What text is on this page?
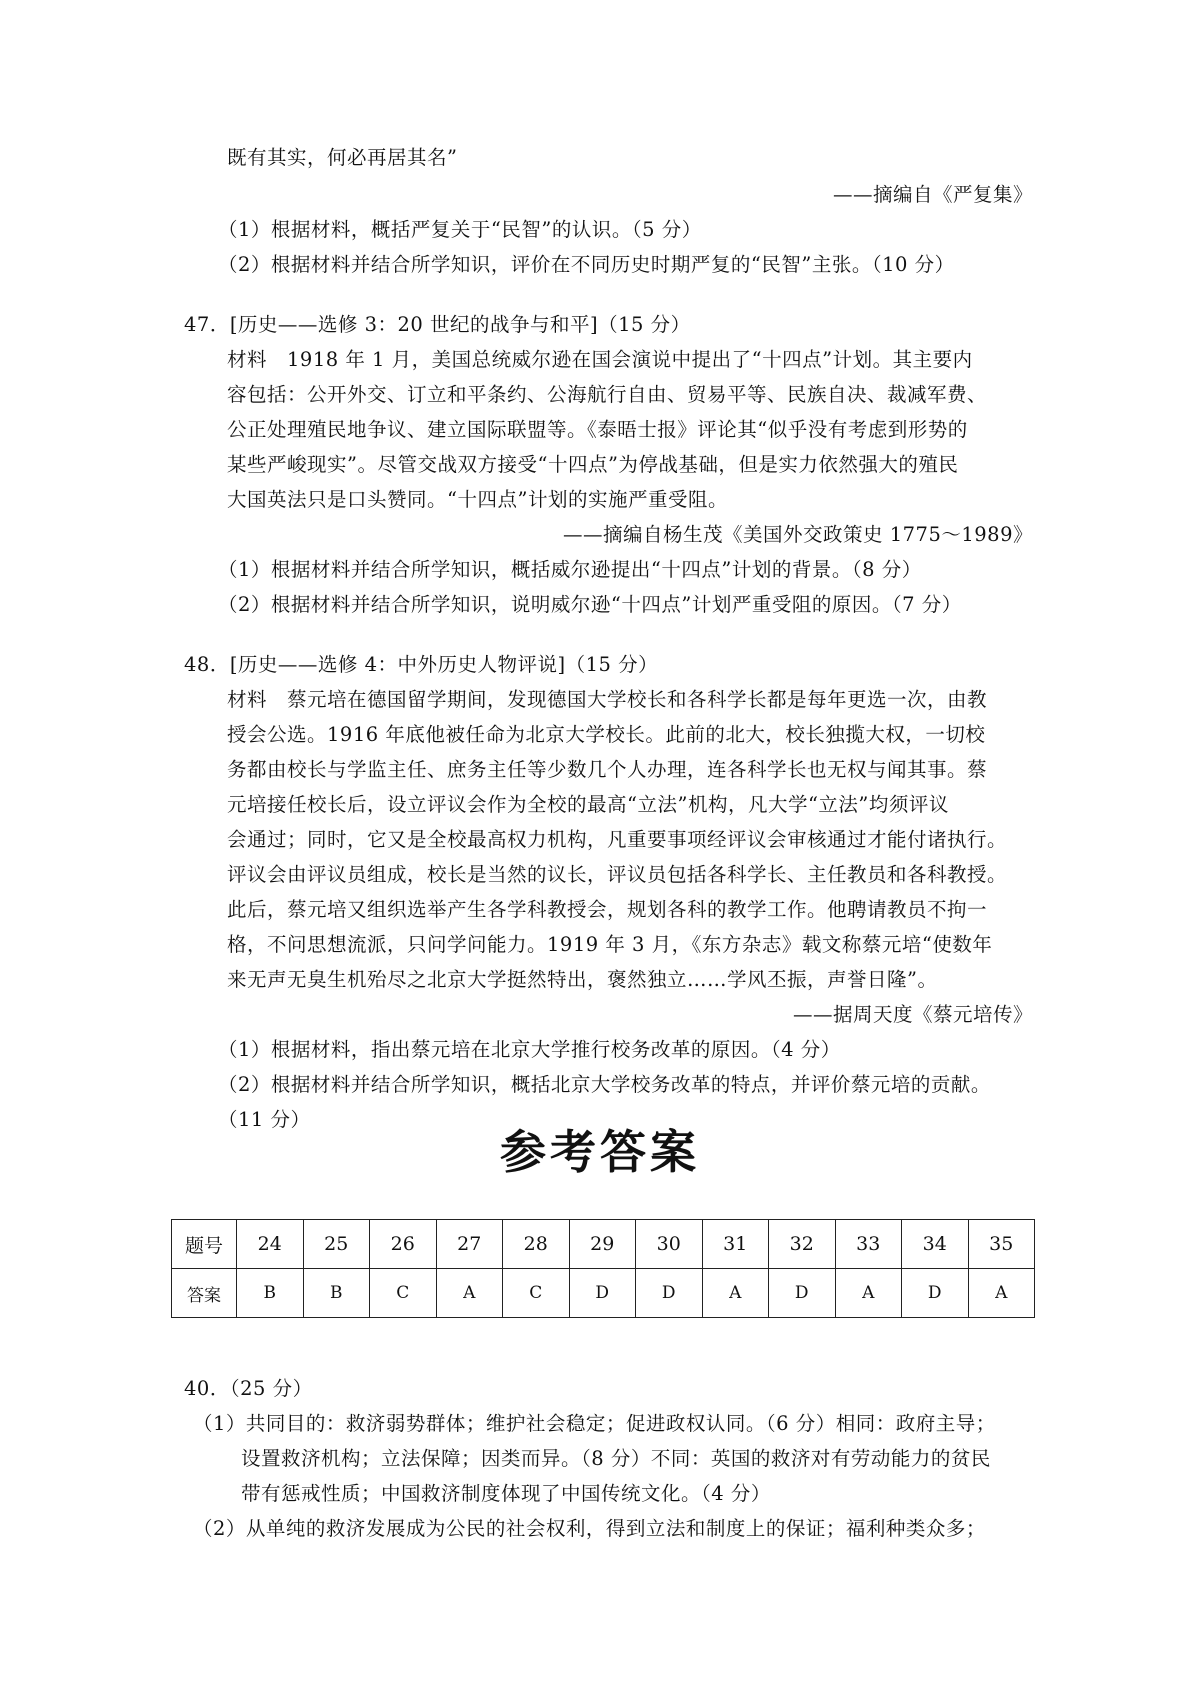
既有其实，何必再居其名”
——摘编自《严复集》
（1）根据材料，概括严复关于“民智”的认识。（5 分）
（2）根据材料并结合所学知识，评价在不同历史时期严复的“民智”主张。（10 分）
47．[历史——选修 3：20 世纪的战争与和平]（15 分）
材料　1918 年 1 月，美国总统威尔逊在国会演说中提出了“十四点”计划。其主要内
容包括：公开外交、订立和平条约、公海航行自由、贸易平等、民族自决、裁减军费、
公正处理殖民地争议、建立国际联盟等。《泰晤士报》评论其“似乎没有考虑到形势的
某些严峻现实”。尽管交战双方接受“十四点”为停战基础，但是实力依然强大的殖民
大国英法只是口头赞同。“十四点”计划的实施严重受阻。
——摘编自杨生茂《美国外交政策史 1775～1989》
（1）根据材料并结合所学知识，概括威尔逊提出“十四点”计划的背景。（8 分）
（2）根据材料并结合所学知识，说明威尔逊“十四点”计划严重受阻的原因。（7 分）
48．[历史——选修 4：中外历史人物评说]（15 分）
材料　蔡元培在德国留学期间，发现德国大学校长和各科学长都是每年更选一次，由教
授会公选。1916 年底他被任命为北京大学校长。此前的北大，校长独揽大权，一切校
务都由校长与学监主任、庶务主任等少数几个人办理，连各科学长也无权与闻其事。蔡
元培接任校长后，设立评议会作为全校的最高“立法”机构，凡大学“立法”均须评议
会通过；同时，它又是全校最高权力机构，凡重要事项经评议会审核通过才能付诸执行。
评议会由评议员组成，校长是当然的议长，评议员包括各科学长、主任教员和各科教授。
此后，蔡元培又组织选举产生各学科教授会，规划各科的教学工作。他聘请教员不拘一
格，不问思想流派，只问学问能力。1919 年 3 月，《东方杂志》载文称蔡元培“使数年
来无声无臭生机殆尽之北京大学挺然特出，褒然独立……学风丕振，声誉日隆”。
——据周天度《蔡元培传》
（1）根据材料，指出蔡元培在北京大学推行校务改革的原因。（4 分）
（2）根据材料并结合所学知识，概括北京大学校务改革的特点，并评价蔡元培的贡献。
（11 分）
参考答案
题号	24	25	26	27	28	29	30	31	32	33	34	35
答案	B	B	C	A	C	D	D	A	D	A	D	A
40．（25 分）
（1）共同目的：救济弱势群体；维护社会稳定；促进政权认同。（6 分）相同：政府主导；
设置救济机构；立法保障；因类而异。（8 分）不同：英国的救济对有劳动能力的贫民
带有惩戒性质；中国救济制度体现了中国传统文化。（4 分）
（2）从单纯的救济发展成为公民的社会权利，得到立法和制度上的保证；福利种类众多；
